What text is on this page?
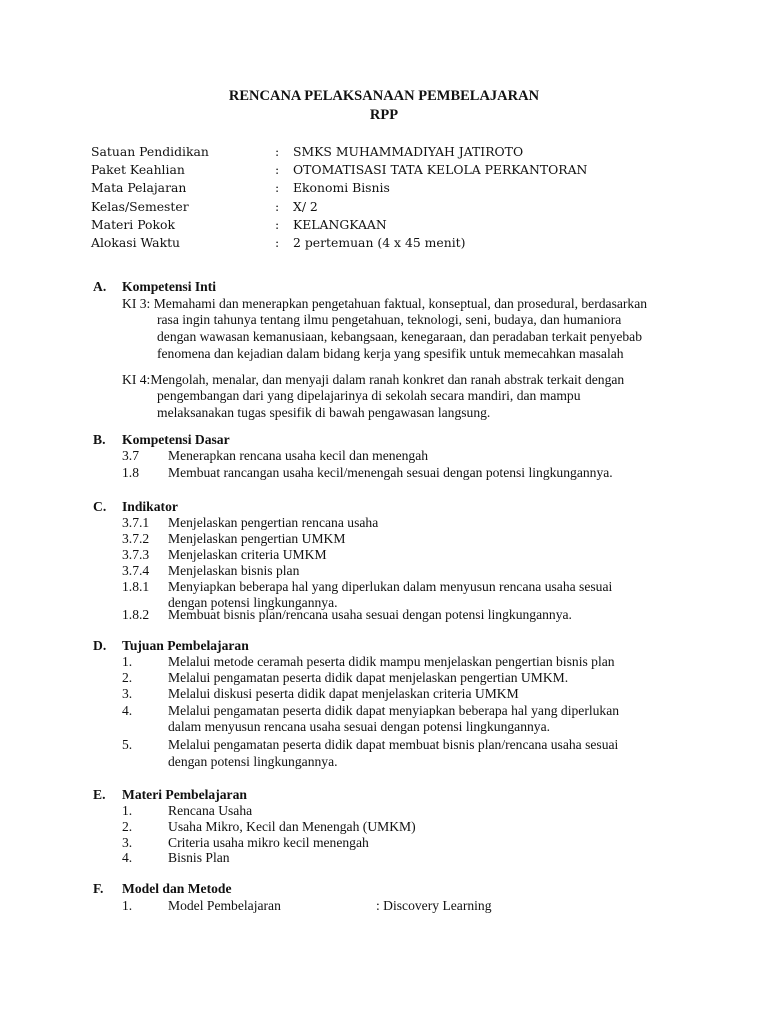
RENCANA PELAKSANAAN PEMBELAJARAN
RPP
Satuan Pendidikan	: SMKS MUHAMMADIYAH JATIROTO
Paket Keahlian	: OTOMATISASI TATA KELOLA PERKANTORAN
Mata Pelajaran	: Ekonomi Bisnis
Kelas/Semester	: X/ 2
Materi Pokok	: KELANGKAAN
Alokasi Waktu	: 2 pertemuan (4 x 45 menit)
A. Kompetensi Inti
KI 3: Memahami dan menerapkan pengetahuan faktual, konseptual, dan prosedural, berdasarkan
rasa ingin tahunya tentang ilmu pengetahuan, teknologi, seni, budaya, dan humaniora
dengan wawasan kemanusiaan, kebangsaan, kenegaraan, dan peradaban terkait penyebab
fenomena dan kejadian dalam bidang kerja yang spesifik untuk memecahkan masalah
KI 4:Mengolah, menalar, dan menyaji dalam ranah konkret dan ranah abstrak terkait dengan
pengembangan dari yang dipelajarinya di sekolah secara mandiri, dan mampu
melaksanakan tugas spesifik di bawah pengawasan langsung.
B. Kompetensi Dasar
3.7 Menerapkan rencana usaha kecil dan menengah
1.8 Membuat rancangan usaha kecil/menengah sesuai dengan potensi lingkungannya.
C. Indikator
3.7.1 Menjelaskan pengertian rencana usaha
3.7.2 Menjelaskan pengertian UMKM
3.7.3 Menjelaskan criteria UMKM
3.7.4 Menjelaskan bisnis plan
1.8.1 Menyiapkan beberapa hal yang diperlukan dalam menyusun rencana usaha sesuai
dengan potensi lingkungannya.
1.8.2 Membuat bisnis plan/rencana usaha sesuai dengan potensi lingkungannya.
D. Tujuan Pembelajaran
1.	Melalui metode ceramah peserta didik mampu menjelaskan pengertian bisnis plan
2.	Melalui pengamatan peserta didik dapat menjelaskan pengertian UMKM.
3.	Melalui diskusi peserta didik dapat menjelaskan criteria UMKM
4.	Melalui pengamatan peserta didik dapat menyiapkan beberapa hal yang diperlukan
dalam menyusun rencana usaha sesuai dengan potensi lingkungannya.
5.	Melalui pengamatan peserta didik dapat membuat bisnis plan/rencana usaha sesuai
dengan potensi lingkungannya.
E. Materi Pembelajaran
1.	Rencana Usaha
2.	Usaha Mikro, Kecil dan Menengah (UMKM)
3.	Criteria usaha mikro kecil menengah
4.	Bisnis Plan
F. Model dan Metode
1.	Model Pembelajaran	: Discovery Learning
